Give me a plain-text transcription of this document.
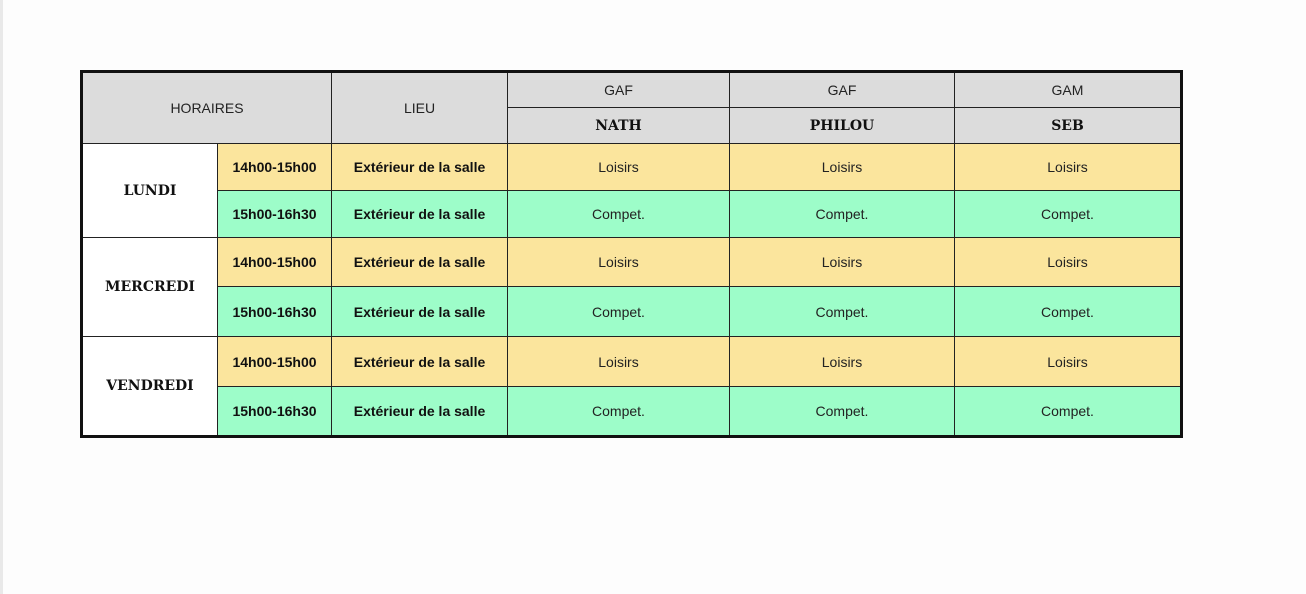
HORAIRES		LIEU	GAF	GAF	GAM
			NATH	PHILOU	SEB
LUNDI	14h00-15h00	Extérieur de la salle	Loisirs	Loisirs	Loisirs
	15h00-16h30	Extérieur de la salle	Compet.	Compet.	Compet.
MERCREDI	14h00-15h00	Extérieur de la salle	Loisirs	Loisirs	Loisirs
	15h00-16h30	Extérieur de la salle	Compet.	Compet.	Compet.
VENDREDI	14h00-15h00	Extérieur de la salle	Loisirs	Loisirs	Loisirs
	15h00-16h30	Extérieur de la salle	Compet.	Compet.	Compet.
